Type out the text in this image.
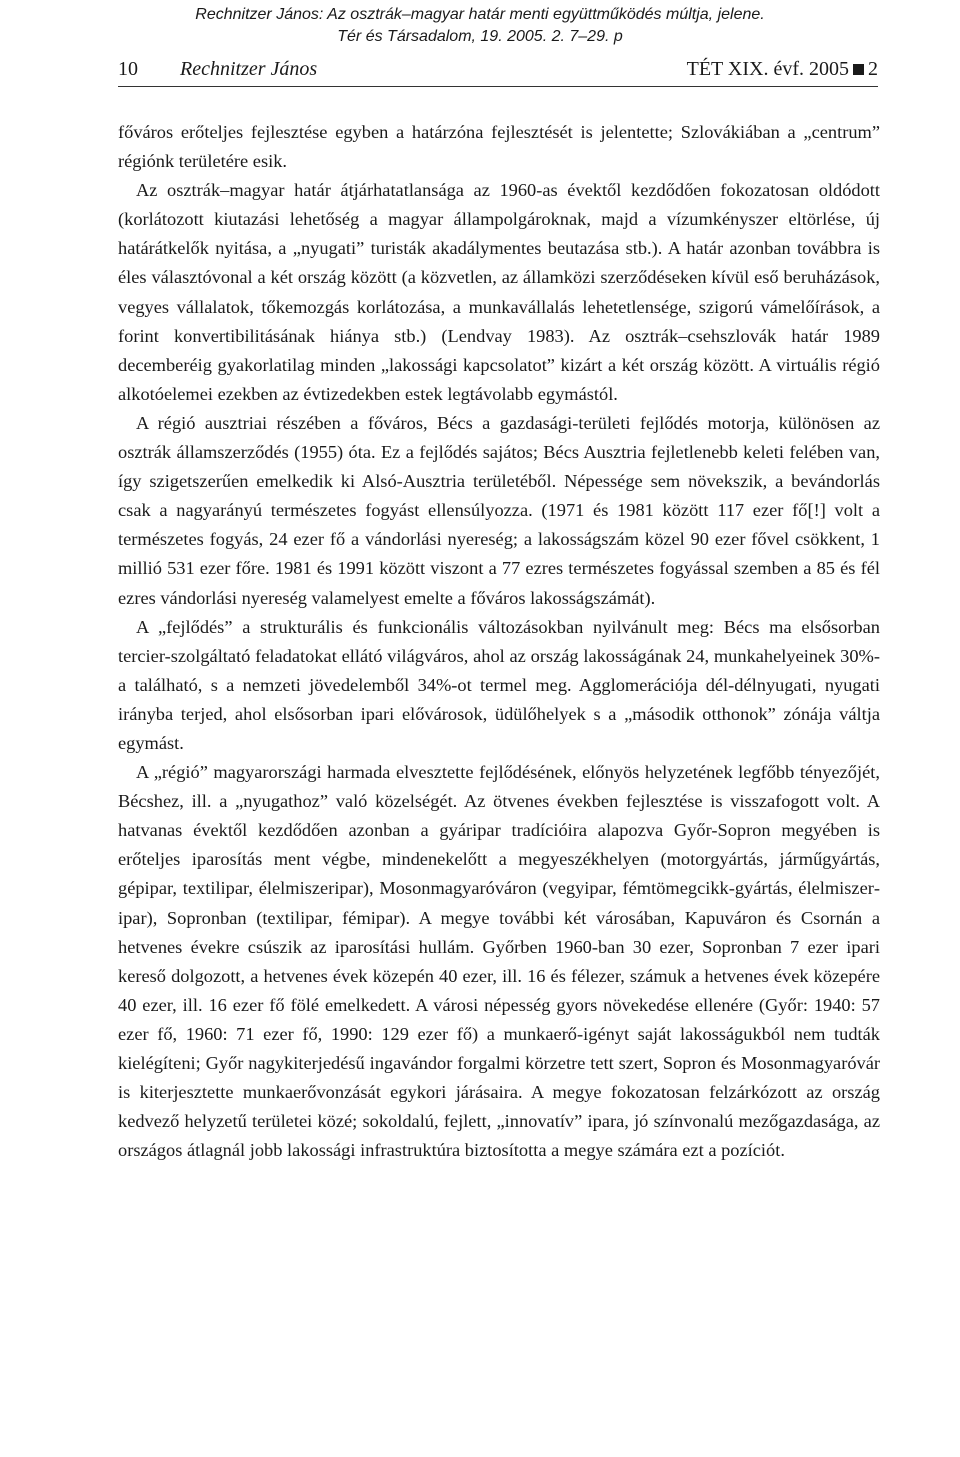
Rechnitzer János: Az osztrák–magyar határ menti együttműködés múltja, jelene.
Tér és Társadalom, 19. 2005. 2. 7–29. p
10 Rechnitzer János	TÉT XIX. évf. 2005 2

főváros erőteljes fejlesztése egyben a határzóna fejlesztését is jelentette; Szlovákiában a „centrum” régiónk területére esik.

Az osztrák–magyar határ átjárhatatlansága az 1960-as évektől kezdődően fokozatosan oldódott (korlátozott kiutazási lehetőség a magyar állampolgároknak, majd a vízumkényszer eltörlése, új határátkelők nyitása, a „nyugati” turisták akadálymentes beutazása stb.). A határ azonban továbbra is éles választóvonal a két ország között (a közvetlen, az államközi szerződéseken kívül eső beruházások, vegyes vállalatok, tőkemozgás korlátozása, a munkavállalás lehetetlensége, szigorú vámelőírások, a forint konvertibilitásának hiánya stb.) (Lendvay 1983). Az osztrák–csehszlovák határ 1989 decemberéig gyakorlatilag minden „lakossági kapcsolatot” kizárt a két ország között. A virtuális régió alkotóelemei ezekben az évtizedekben estek legtávolabb egymástól.

A régió ausztriai részében a főváros, Bécs a gazdasági-területi fejlődés motorja, különösen az osztrák államszerződés (1955) óta. Ez a fejlődés sajátos; Bécs Ausztria fejletlenebb keleti felében van, így szigetszerűen emelkedik ki Alsó-Ausztria területéből. Népessége sem növekszik, a bevándorlás csak a nagyarányú természetes fogyást ellensúlyozza. (1971 és 1981 között 117 ezer fő[!] volt a természetes fogyás, 24 ezer fő a vándorlási nyereség; a lakosságszám közel 90 ezer fővel csökkent, 1 millió 531 ezer főre. 1981 és 1991 között viszont a 77 ezres természetes fogyással szemben a 85 és fél ezres vándorlási nyereség valamelyest emelte a főváros lakosságszámát).

A „fejlődés” a strukturális és funkcionális változásokban nyilvánult meg: Bécs ma elsősorban tercier-szolgáltató feladatokat ellátó világváros, ahol az ország lakosságának 24, munkahelyeinek 30%-a található, s a nemzeti jövedelemből 34%-ot termel meg. Agglomerációja dél-délnyugati, nyugati irányba terjed, ahol elsősorban ipari elővárosok, üdülőhelyek s a „második otthonok” zónája váltja egymást.

A „régió” magyarországi harmada elvesztette fejlődésének, előnyös helyzetének legfőbb tényezőjét, Bécshez, ill. a „nyugathoz” való közelségét. Az ötvenes években fejlesztése is visszafogott volt. A hatvanas évektől kezdődően azonban a gyáripar tradícióira alapozva Győr-Sopron megyében is erőteljes iparosítás ment végbe, mindenekelőtt a megyeszékhelyen (motorgyártás, járműgyártás, gépipar, textilipar, élelmiszeripar), Mosonmagyaróváron (vegyipar, fémtömegcikk-gyártás, élelmiszeripar), Sopronban (textilipar, fémipar). A megye további két városában, Kapuváron és Csornán a hetvenes évekre csúszik az iparosítási hullám. Győrben 1960-ban 30 ezer, Sopronban 7 ezer ipari kereső dolgozott, a hetvenes évek közepén 40 ezer, ill. 16 és félezer, számuk a hetvenes évek közepére 40 ezer, ill. 16 ezer fő fölé emelkedett. A városi népesség gyors növekedése ellenére (Győr: 1940: 57 ezer fő, 1960: 71 ezer fő, 1990: 129 ezer fő) a munkaerő-igényt saját lakosságukból nem tudták kielégíteni; Győr nagykiterjedésű ingavándor forgalmi körzetre tett szert, Sopron és Mosonmagyaróvár is kiterjesztette munkaerővonzását egykori járásaira. A megye fokozatosan felzárkózott az ország kedvező helyzetű területei közé; sokoldalú, fejlett, „innovatív” ipara, jó színvonalú mezőgazdasága, az országos átlagnál jobb lakossági infrastruktúra biztosította a megye számára ezt a pozíciót.
